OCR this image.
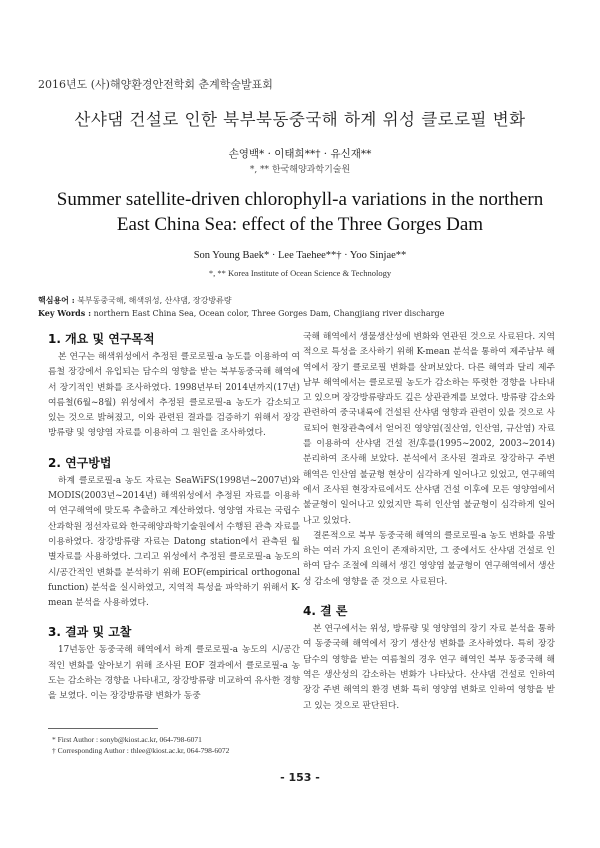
2016년도 (사)해양환경안전학회 춘계학술발표회
산샤댐 건설로 인한 북부북동중국해 하계 위성 클로로필 변화
손영백* · 이태희**† · 유신재**
*, ** 한국해양과학기술원
Summer satellite-driven chlorophyll-a variations in the northern East China Sea: effect of the Three Gorges Dam
Son Young Baek* · Lee Taehee**† · Yoo Sinjae**
*, ** Korea Institute of Ocean Science & Technology
핵심용어 : 북부동중국해, 해색위성, 산샤댐, 장강방류량
Key Words : northern East China Sea, Ocean color, Three Gorges Dam, Changjiang river discharge
1. 개요 및 연구목적

본 연구는 해색위성에서 추정된 클로로필-a 농도를 이용하여 여름철 장강에서 유입되는 담수의 영향을 받는 북부동중국해 해역에서 장기적인 변화를 조사하였다. 1998년부터 2014년까지(17년) 여름철(6월~8월) 위성에서 추정된 클로로필-a 농도가 감소되고 있는 것으로 밝혀졌고, 이와 관련된 결과를 검증하기 위해서 장강방류량 및 영양염 자료를 이용하여 그 원인을 조사하였다.

2. 연구방법

하계 클로로필-a 농도 자료는 SeaWiFS(1998년~2007년)와 MODIS(2003년~2014년) 해색위성에서 추정된 자료를 이용하여 연구해역에 맞도록 추출하고 계산하였다. 영양염 자료는 국립수산과학원 정선자료와 한국해양과학기술원에서 수행된 관측 자료를 이용하였다. 장강방류량 자료는 Datong station에서 관측된 월별자료를 사용하였다. 그리고 위성에서 추정된 클로로필-a 농도의 시/공간적인 변화를 분석하기 위해 EOF(empirical orthogonal function) 분석을 실시하였고, 지역적 특성을 파악하기 위해서 K-mean 분석을 사용하였다.

3. 결과 및 고찰

17년동안 동중국해 해역에서 하계 클로로필-a 농도의 시/공간적인 변화를 알아보기 위해 조사된 EOF 결과에서 클로로필-a 농도는 감소하는 경향을 나타내고, 장강방류량 비교하여 유사한 경향을 보였다. 이는 장강방류량 변화가 동중

국해 해역에서 생물생산성에 변화와 연관된 것으로 사료된다. 지역적으로 특성을 조사하기 위해 K-mean 분석을 통하여 제주남부 해역에서 장기 클로로필 변화를 살펴보았다. 다른 해역과 달리 제주남부 해역에서는 클로로필 농도가 감소하는 뚜렷한 경향을 나타내고 있으며 장강방류량과도 깊은 상관관계를 보였다. 방류량 감소와 관련하여 중국내륙에 건설된 산샤댐 영향과 관련이 있을 것으로 사료되어 현장관측에서 얻어진 영양염(질산염, 인산염, 규산염) 자료를 이용하여 산샤댐 건설 전/후를(1995~2002, 2003~2014) 분리하여 조사해 보았다. 분석에서 조사된 결과로 장강하구 주변 해역은 인산염 불균형 현상이 심각하게 일어나고 있었고, 연구해역에서 조사된 현장자료에서도 산샤댐 건설 이후에 모든 영양염에서 불균형이 일어나고 있었지만 특히 인산염 불균형이 심각하게 일어나고 있었다.

결론적으로 북부 동중국해 해역의 클로로필-a 농도 변화를 유발하는 여러 가지 요인이 존재하지만, 그 중에서도 산샤댐 건설로 인하여 담수 조절에 의해서 생긴 영양염 불균형이 연구해역에서 생산성 감소에 영향을 준 것으로 사료된다.

4. 결 론

본 연구에서는 위성, 방류량 및 영양염의 장기 자료 분석을 통하여 동중국해 해역에서 장기 생산성 변화를 조사하였다. 특히 장강 담수의 영향을 받는 여름철의 경우 연구 해역인 북부 동중국해 해역은 생산성의 감소하는 변화가 나타났다. 산샤댐 건설로 인하여 장강 주변 해역의 환경 변화 특히 영양염 변화로 인하여 영향을 받고 있는 것으로 판단된다.

* First Author : sonyb@kiost.ac.kr, 064-798-6071
† Corresponding Author : thlee@kiost.ac.kr, 064-798-6072
- 153 -
